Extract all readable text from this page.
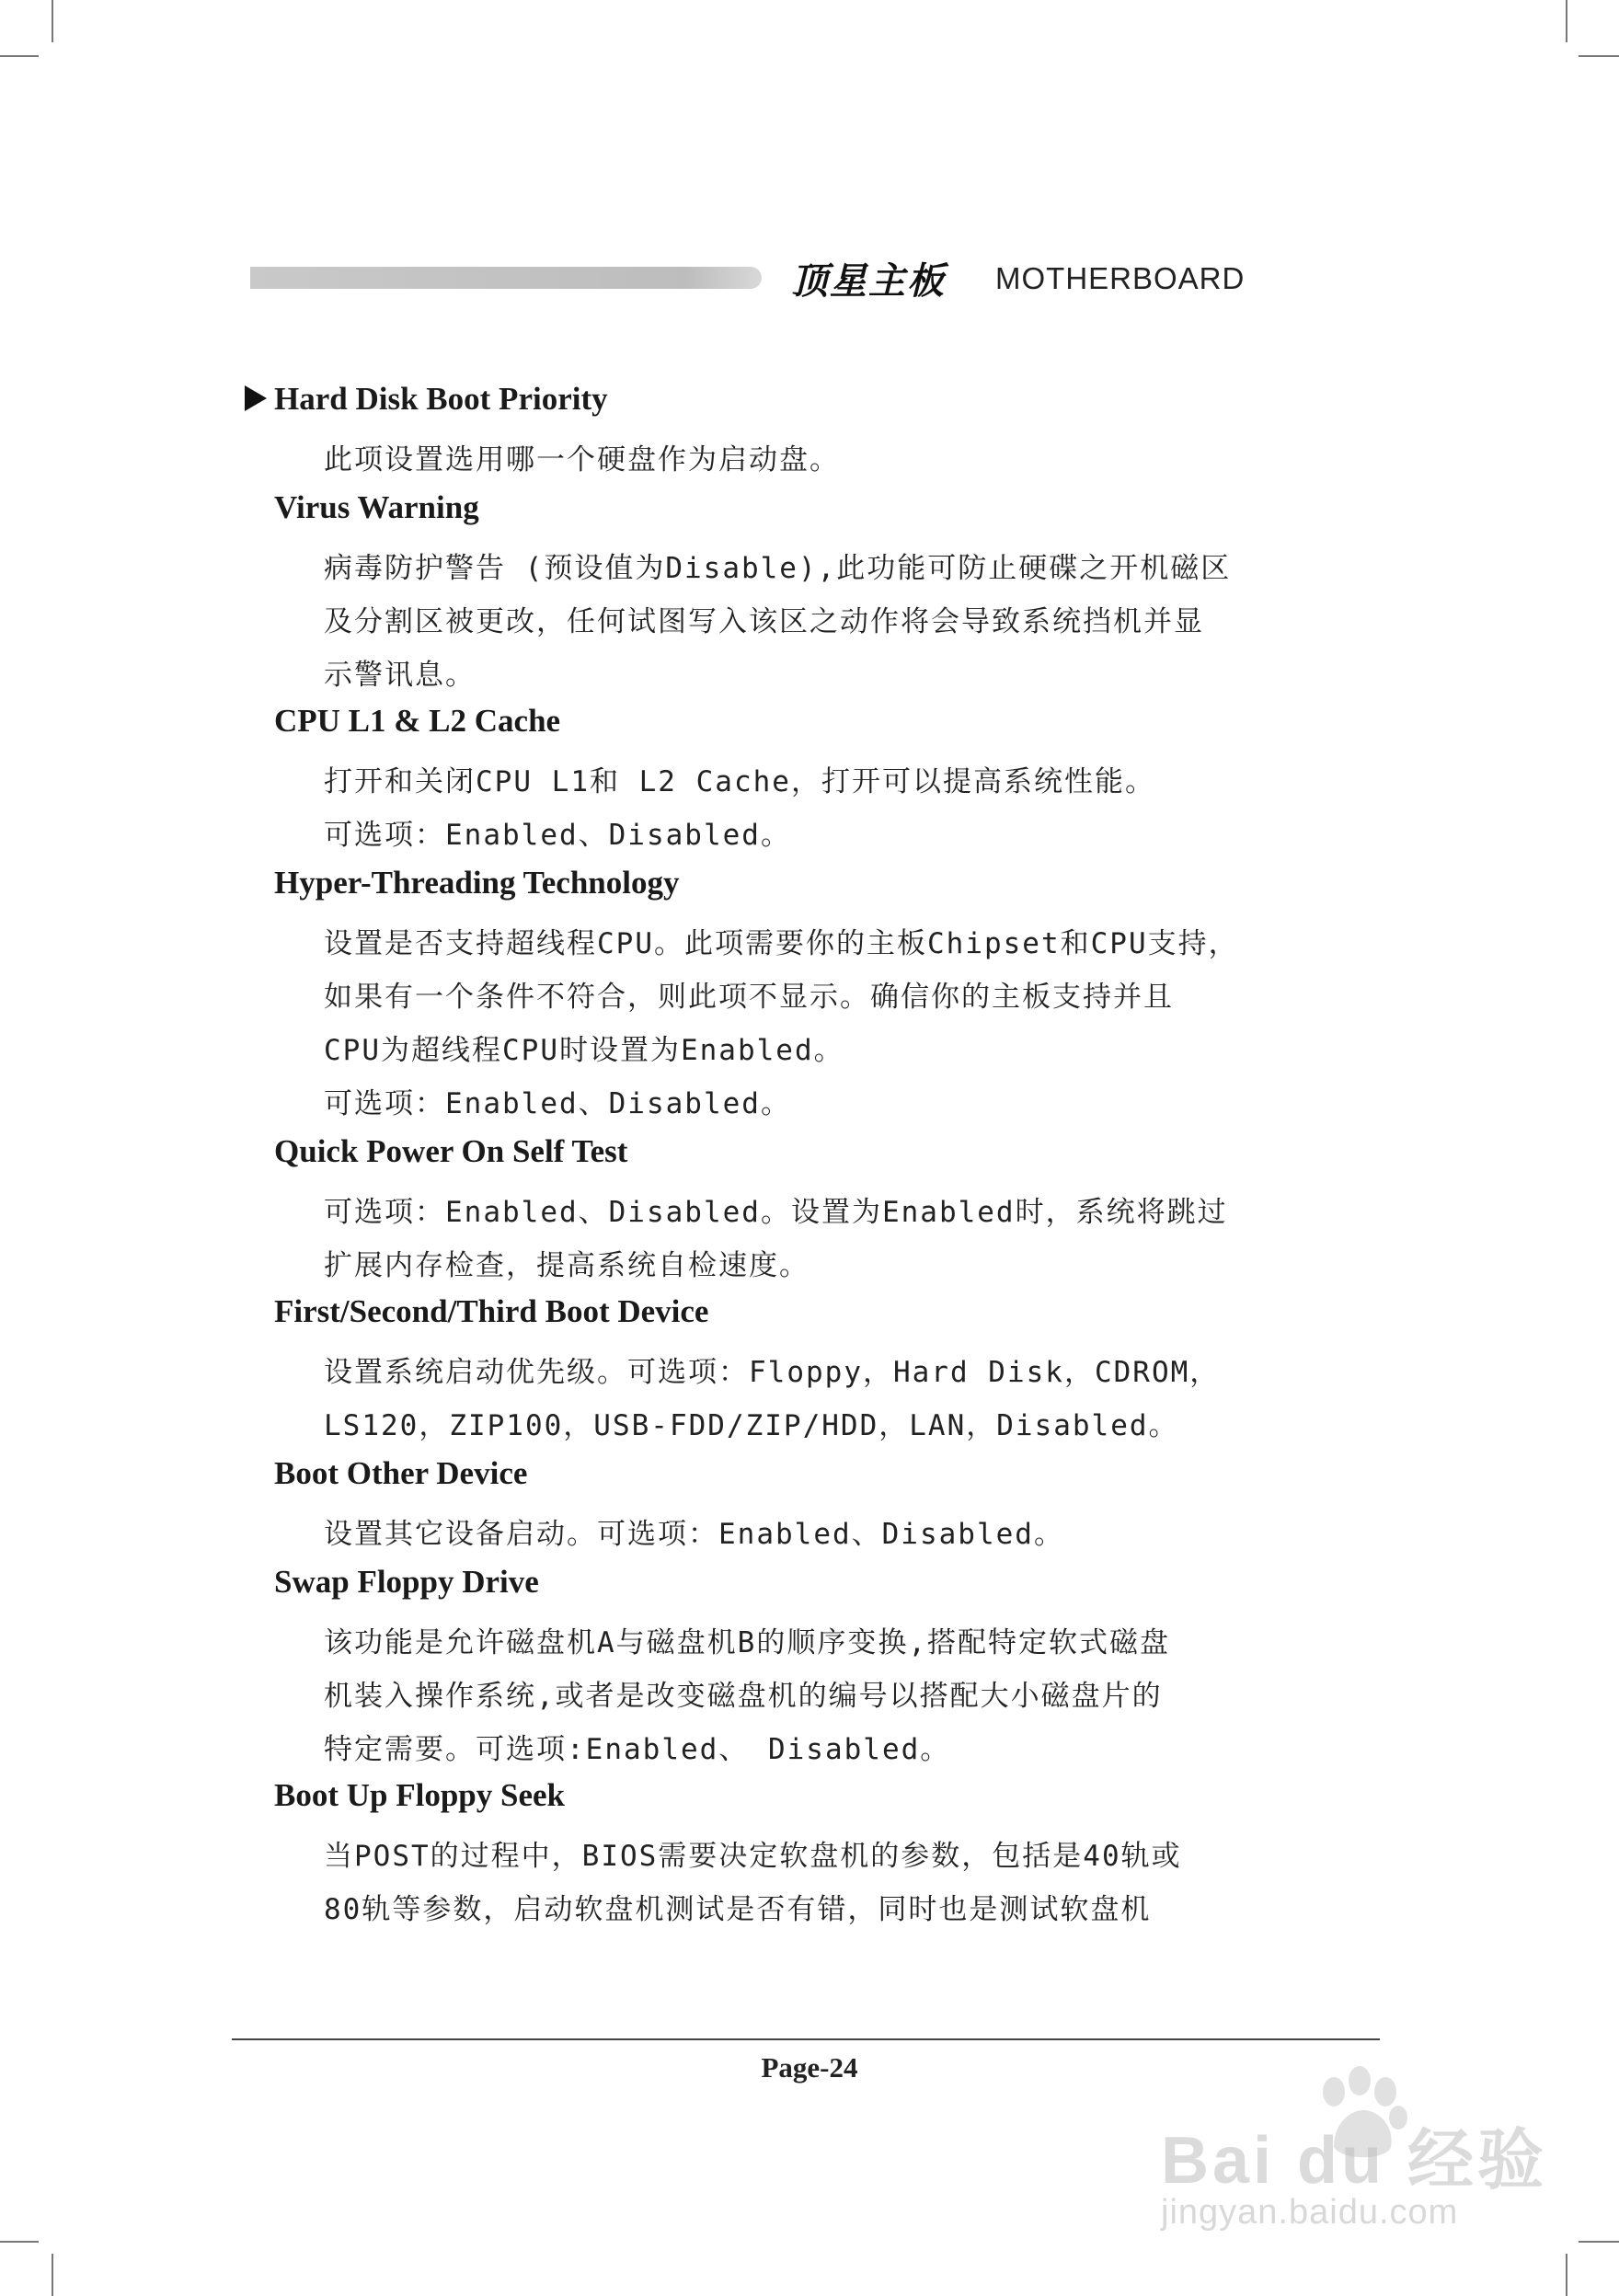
顶星主板 MOTHERBOARD
Hard Disk Boot Priority
此项设置选用哪一个硬盘作为启动盘。
Virus Warning
病毒防护警告 (预设值为Disable),此功能可防止硬碟之开机磁区
及分割区被更改，任何试图写入该区之动作将会导致系统挡机并显
示警讯息。
CPU L1 & L2 Cache
打开和关闭CPU L1和 L2 Cache，打开可以提高系统性能。
可选项：Enabled、Disabled。
Hyper-Threading Technology
设置是否支持超线程CPU。此项需要你的主板Chipset和CPU支持，
如果有一个条件不符合，则此项不显示。确信你的主板支持并且
CPU为超线程CPU时设置为Enabled。
可选项：Enabled、Disabled。
Quick Power On Self Test
可选项：Enabled、Disabled。设置为Enabled时，系统将跳过
扩展内存检查，提高系统自检速度。
First/Second/Third Boot Device
设置系统启动优先级。可选项：Floppy，Hard Disk，CDROM，
LS120，ZIP100，USB-FDD/ZIP/HDD，LAN，Disabled。
Boot Other Device
设置其它设备启动。可选项：Enabled、Disabled。
Swap Floppy Drive
该功能是允许磁盘机A与磁盘机B的顺序变换,搭配特定软式磁盘
机装入操作系统,或者是改变磁盘机的编号以搭配大小磁盘片的
特定需要。可选项:Enabled、 Disabled。
Boot Up Floppy Seek
当POST的过程中，BIOS需要决定软盘机的参数，包括是40轨或
80轨等参数，启动软盘机测试是否有错，同时也是测试软盘机
Page-24
Bai du 经验
jingyan.baidu.com
